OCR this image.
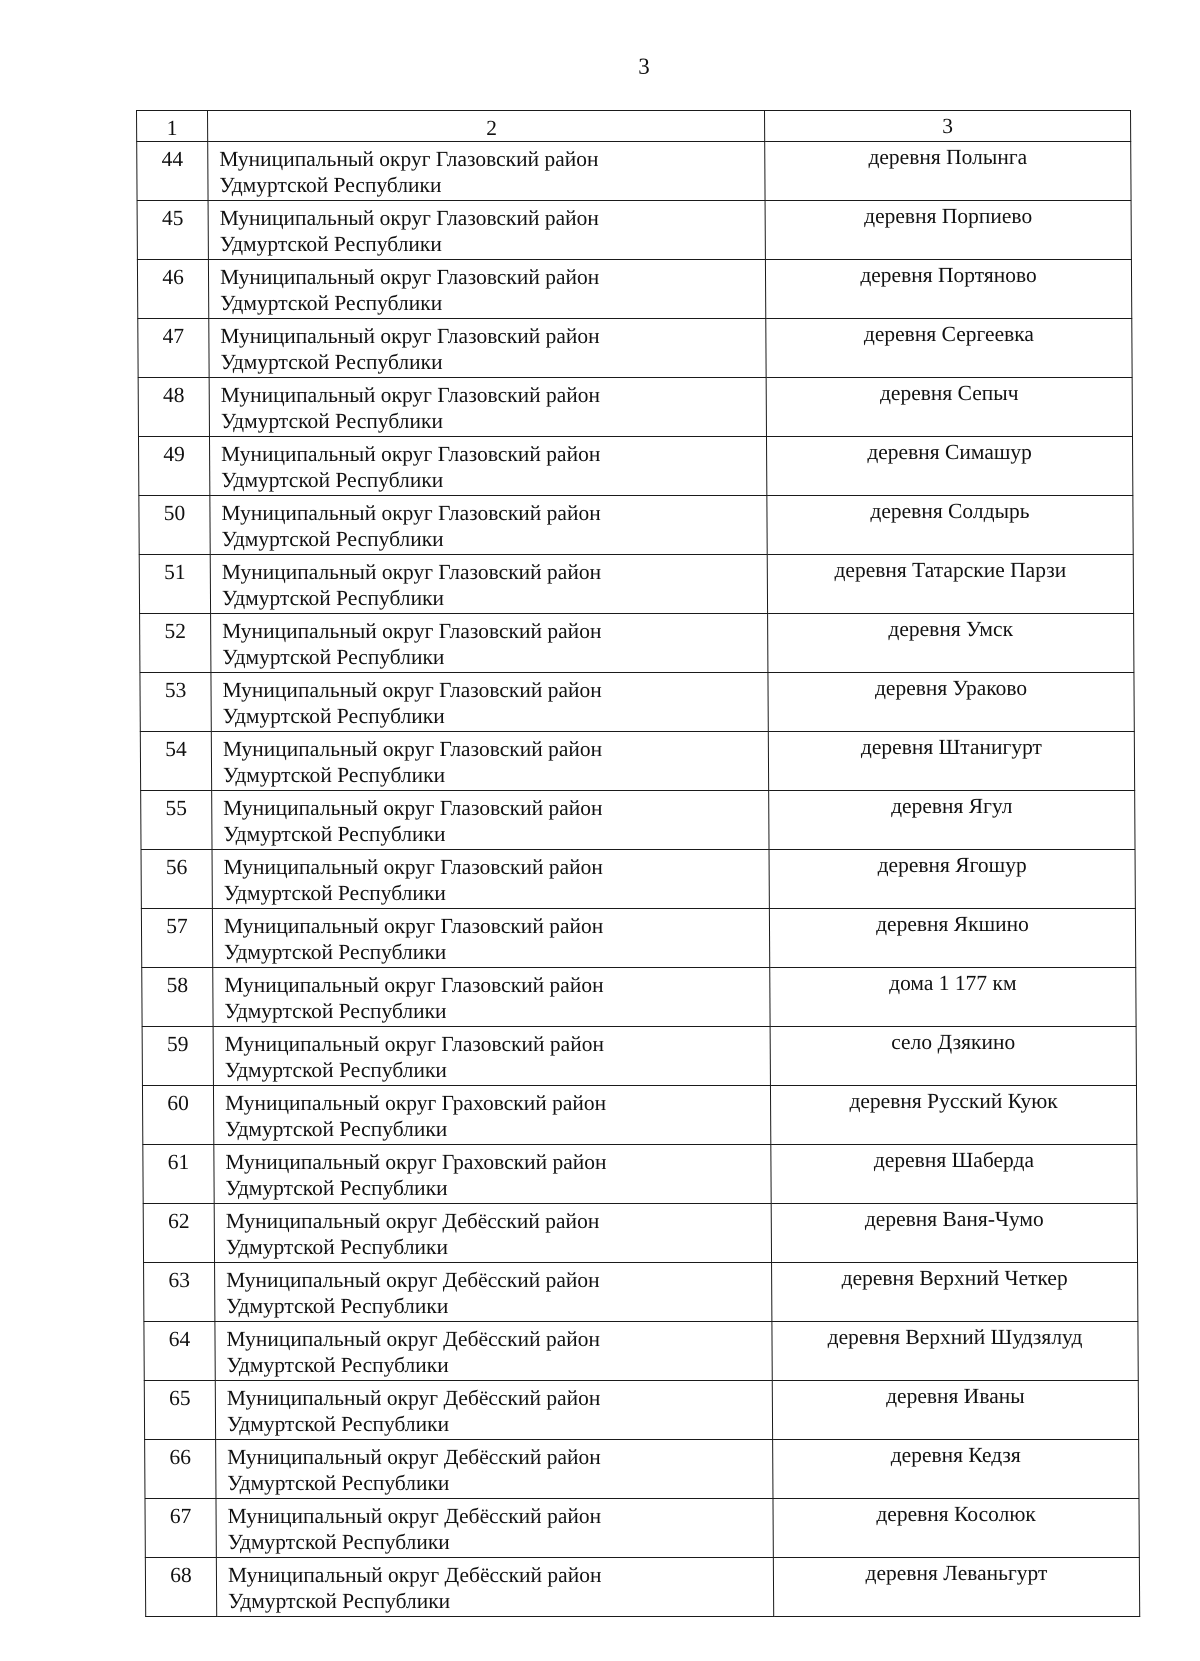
3
1	2	3
44	Муниципальный округ Глазовский район
Удмуртской Республики	деревня Полынга
45	Муниципальный округ Глазовский район
Удмуртской Республики	деревня Порпиево
46	Муниципальный округ Глазовский район
Удмуртской Республики	деревня Портяново
47	Муниципальный округ Глазовский район
Удмуртской Республики	деревня Сергеевка
48	Муниципальный округ Глазовский район
Удмуртской Республики	деревня Сепыч
49	Муниципальный округ Глазовский район
Удмуртской Республики	деревня Симашур
50	Муниципальный округ Глазовский район
Удмуртской Республики	деревня Солдырь
51	Муниципальный округ Глазовский район
Удмуртской Республики	деревня Татарские Парзи
52	Муниципальный округ Глазовский район
Удмуртской Республики	деревня Умск
53	Муниципальный округ Глазовский район
Удмуртской Республики	деревня Ураково
54	Муниципальный округ Глазовский район
Удмуртской Республики	деревня Штанигурт
55	Муниципальный округ Глазовский район
Удмуртской Республики	деревня Ягул
56	Муниципальный округ Глазовский район
Удмуртской Республики	деревня Ягошур
57	Муниципальный округ Глазовский район
Удмуртской Республики	деревня Якшино
58	Муниципальный округ Глазовский район
Удмуртской Республики	дома 1 177 км
59	Муниципальный округ Глазовский район
Удмуртской Республики	село Дзякино
60	Муниципальный округ Граховский район
Удмуртской Республики	деревня Русский Куюк
61	Муниципальный округ Граховский район
Удмуртской Республики	деревня Шаберда
62	Муниципальный округ Дебёсский район
Удмуртской Республики	деревня Ваня-Чумо
63	Муниципальный округ Дебёсский район
Удмуртской Республики	деревня Верхний Четкер
64	Муниципальный округ Дебёсский район
Удмуртской Республики	деревня Верхний Шудзялуд
65	Муниципальный округ Дебёсский район
Удмуртской Республики	деревня Иваны
66	Муниципальный округ Дебёсский район
Удмуртской Республики	деревня Кедзя
67	Муниципальный округ Дебёсский район
Удмуртской Республики	деревня Косолюк
68	Муниципальный округ Дебёсский район
Удмуртской Республики	деревня Леваньгурт
